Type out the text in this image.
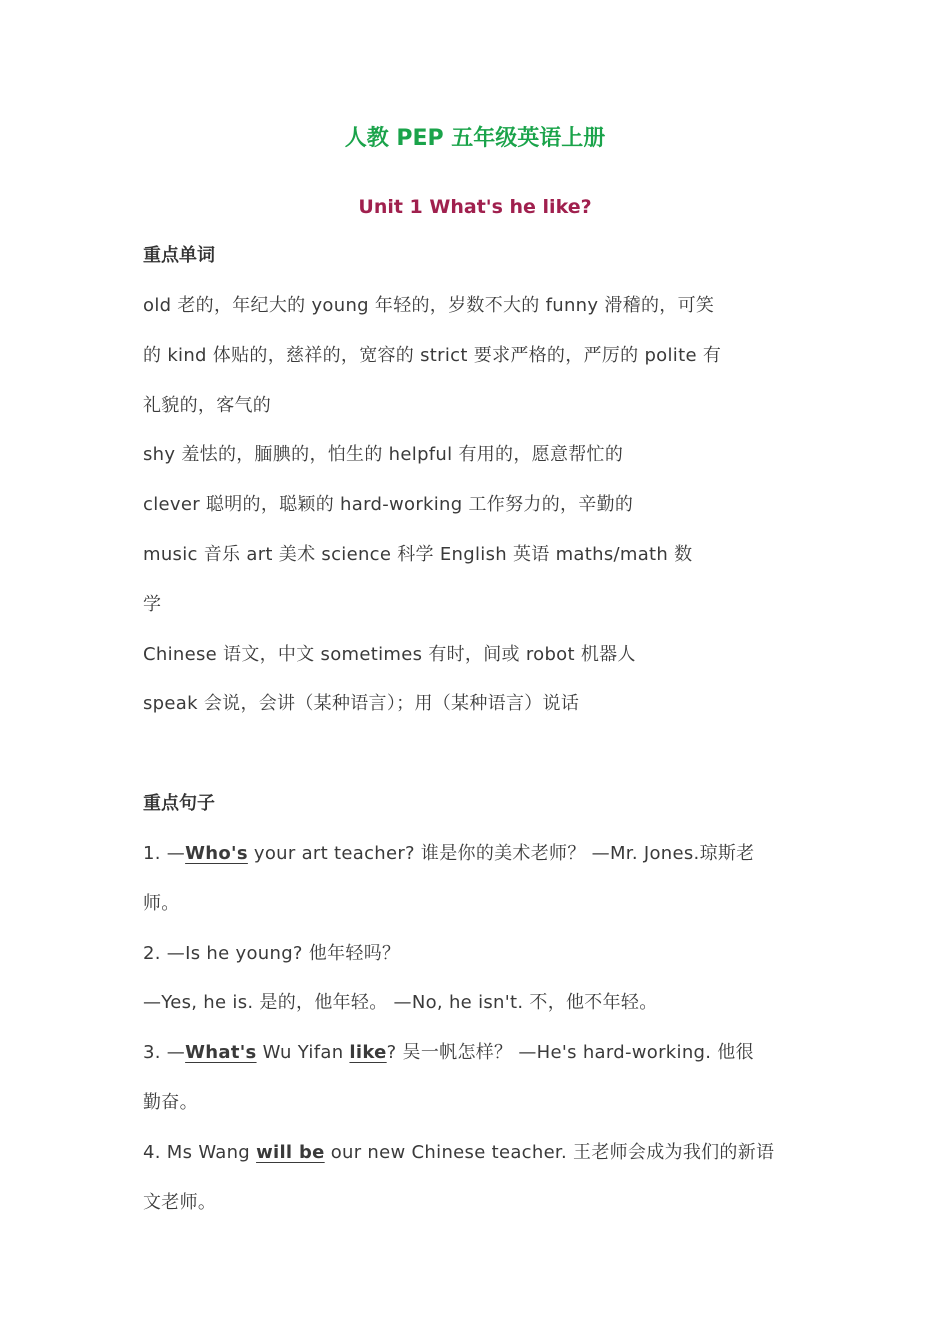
人教 PEP 五年级英语上册
Unit 1 What's he like?
重点单词
old 老的，年纪大的 young 年轻的，岁数不大的 funny 滑稽的，可笑
的 kind 体贴的，慈祥的，宽容的 strict 要求严格的，严厉的 polite 有
礼貌的，客气的
shy 羞怯的，腼腆的，怕生的 helpful 有用的，愿意帮忙的
clever 聪明的，聪颖的 hard-working 工作努力的，辛勤的
music 音乐 art 美术 science 科学 English 英语 maths/math 数
学
Chinese 语文，中文 sometimes 有时，间或 robot 机器人
speak 会说，会讲（某种语言）；用（某种语言）说话
重点句子
1. —Who's your art teacher? 谁是你的美术老师？ —Mr. Jones.琼斯老
师。
2. —Is he young? 他年轻吗？
—Yes, he is. 是的，他年轻。 —No, he isn't. 不，他不年轻。
3. —What's Wu Yifan like? 吴一帆怎样？ —He's hard-working. 他很
勤奋。
4. Ms Wang will be our new Chinese teacher. 王老师会成为我们的新语
文老师。
